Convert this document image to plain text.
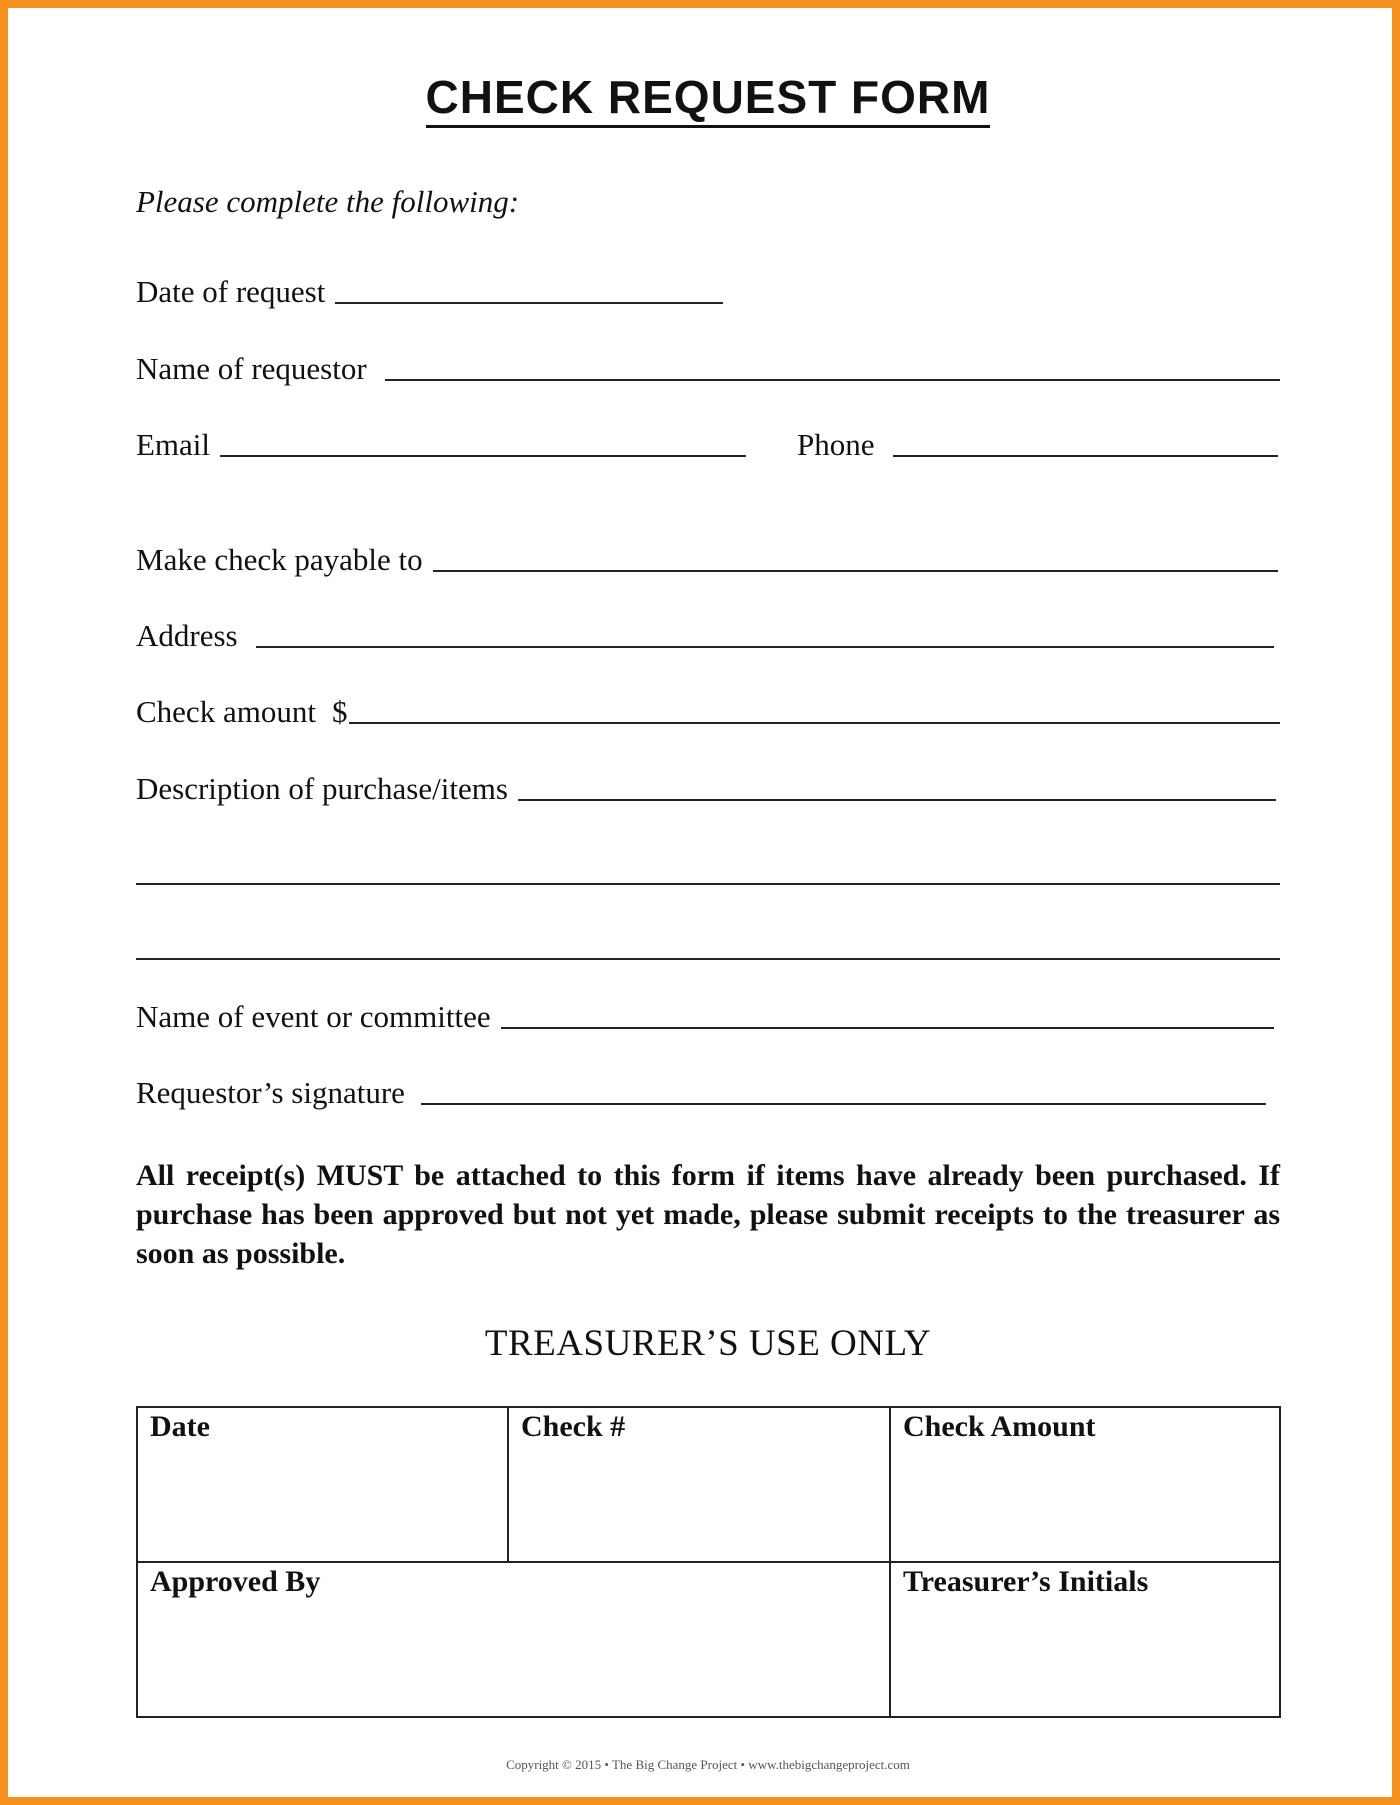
CHECK REQUEST FORM
Please complete the following:
Date of request
Name of requestor
Email	Phone
Make check payable to
Address
Check amount $
Description of purchase/items
Name of event or committee
Requestor’s signature
All receipt(s) MUST be attached to this form if items have already been purchased. If purchase has been approved but not yet made, please submit receipts to the treasurer as soon as possible.
TREASURER’S USE ONLY
Date	Check #	Check Amount
Approved By		Treasurer’s Initials
Copyright © 2015 • The Big Change Project • www.thebigchangeproject.com
